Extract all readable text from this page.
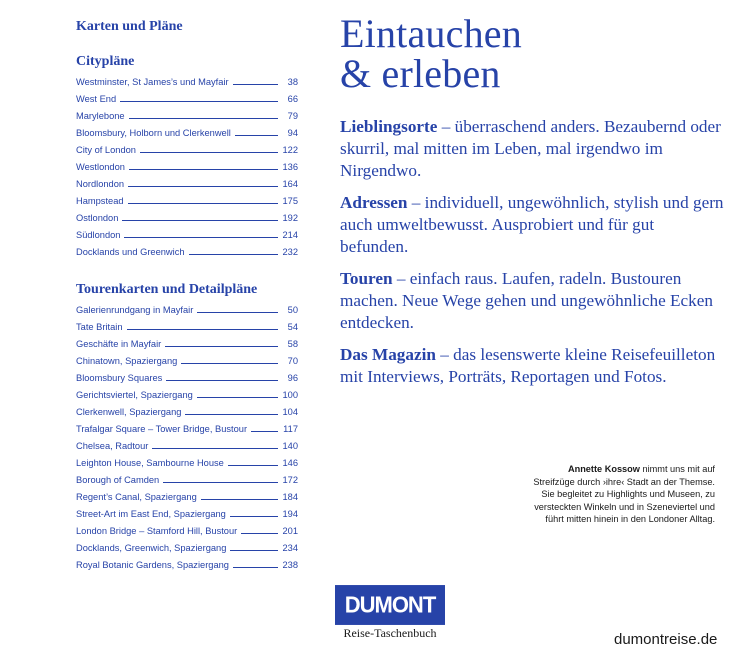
Karten und Pläne
Citypläne
Westminster, St James’s und Mayfair	38
West End	66
Marylebone	79
Bloomsbury, Holborn und Clerkenwell	94
City of London	122
Westlondon	136
Nordlondon	164
Hampstead	175
Ostlondon	192
Südlondon	214
Docklands und Greenwich	232
Tourenkarten und Detailpläne
Galerienrundgang in Mayfair	50
Tate Britain	54
Geschäfte in Mayfair	58
Chinatown, Spaziergang	70
Bloomsbury Squares	96
Gerichtsviertel, Spaziergang	100
Clerkenwell, Spaziergang	104
Trafalgar Square – Tower Bridge, Bustour	117
Chelsea, Radtour	140
Leighton House, Sambourne House	146
Borough of Camden	172
Regent’s Canal, Spaziergang	184
Street-Art im East End, Spaziergang	194
London Bridge – Stamford Hill, Bustour	201
Docklands, Greenwich, Spaziergang	234
Royal Botanic Gardens, Spaziergang	238
Eintauchen
& erleben

Lieblingsorte – überraschend anders. Bezaubernd oder skurril, mal mitten im Leben, mal irgendwo im Nirgendwo.

Adressen – individuell, ungewöhnlich, stylish und gern auch umweltbewusst. Ausprobiert und für gut befunden.

Touren – einfach raus. Laufen, radeln. Bustouren machen. Neue Wege gehen und ungewöhnliche Ecken entdecken.

Das Magazin – das lesenswerte kleine Reisefeuilleton mit Interviews, Porträts, Reportagen und Fotos.

Annette Kossow nimmt uns mit auf Streifzüge durch ›ihre‹ Stadt an der Themse. Sie begleitet zu Highlights und Museen, zu versteckten Winkeln und in Szeneviertel und führt mitten hinein in den Londoner Alltag.
DUMONT
Reise-Taschenbuch	dumontreise.de
